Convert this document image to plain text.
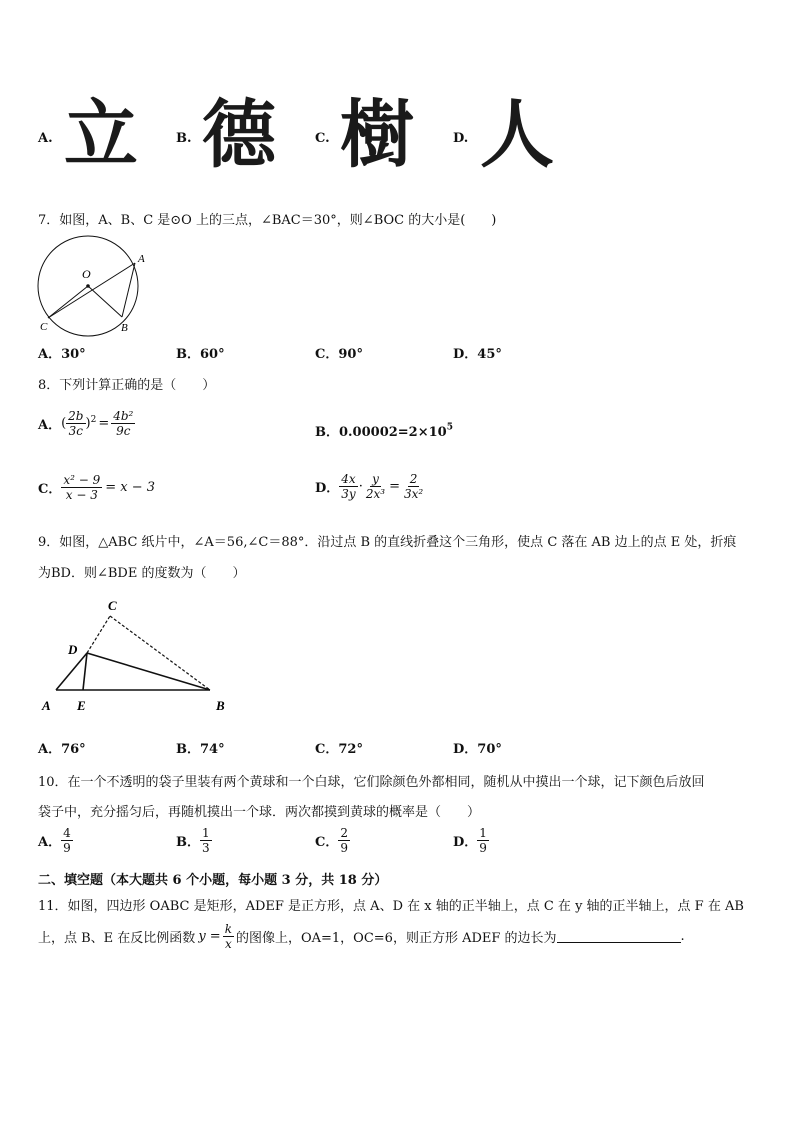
A. 立	B. 德	C. 樹	D. 人
7．如图，A、B、C 是⊙O 上的三点，∠BAC＝30°，则∠BOC 的大小是(　　)
O
A
C	B
A．30°	B．60°	C．90°	D．45°
8．下列计算正确的是（　　）
A． ( $\frac{2b}{3c} )^2 = \frac{\text{4b²}}{9c}$	B．$0.00002=2\times 10^5$
C． $\frac{\text{x² − 9}}{x - 3} = x - 3$	D． $\frac{4x}{3y} \cdot \frac{y}{\text{2x³}} = \frac{2}{\text{3x²}}$
9．如图，△ABC 纸片中，∠A＝56,∠C＝88°．沿过点 B 的直线折叠这个三角形，使点 C 落在 AB 边上的点 E 处，折痕
为BD．则∠BDE 的度数为（　　）
C
D
A E	B
A．76°	B．74°	C．72°	D．70°
10．在一个不透明的袋子里装有两个黄球和一个白球，它们除颜色外都相同，随机从中摸出一个球，记下颜色后放回
袋子中，充分摇匀后，再随机摸出一个球．两次都摸到黄球的概率是（　　）
A． $\frac{4}{9}$	B． $\frac{1}{3}$	C． $\frac{2}{9}$	D． $\frac{1}{9}$
二、填空题（本大题共 6 个小题，每小题 3 分，共 18 分）
11．如图，四边形 OABC 是矩形，ADEF 是正方形，点 A、D 在 x 轴的正半轴上，点 C 在 y 轴的正半轴上，点 F 在 AB
上，点 B、E 在反比例函数 $y = \frac{k}{x}$ 的图像上，OA=1，OC=6，则正方形 ADEF 的边长为	.
